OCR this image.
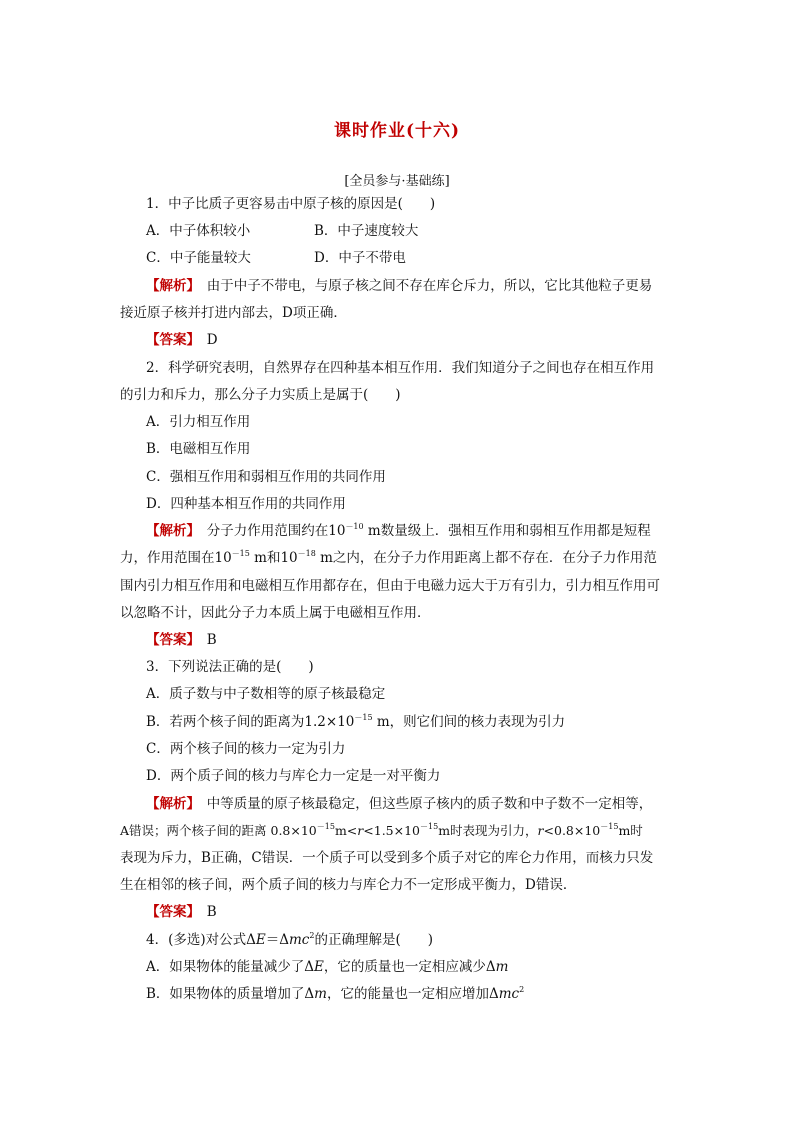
课时作业(十六)
[全员参与·基础练]
1．中子比质子更容易击中原子核的原因是(　　)
A．中子体积较小	B．中子速度较大
C．中子能量较大	D．中子不带电
【解析】　 由于中子不带电，与原子核之间不存在库仑斥力，所以，它比其他粒子更易
接近原子核并打进内部去，D项正确．
【答案】　 D
2．科学研究表明，自然界存在四种基本相互作用．我们知道分子之间也存在相互作用
的引力和斥力，那么分子力实质上是属于(　　)
A．引力相互作用
B．电磁相互作用
C．强相互作用和弱相互作用的共同作用
D．四种基本相互作用的共同作用
【解析】　 分子力作用范围约在$10^{-10}$ m数量级上．强相互作用和弱相互作用都是短程
力，作用范围在$10^{-15}$ m和$10^{-18}$ m之内，在分子力作用距离上都不存在．在分子力作用范
围内引力相互作用和电磁相互作用都存在，但由于电磁力远大于万有引力，引力相互作用可
以忽略不计，因此分子力本质上属于电磁相互作用．
【答案】　 B
3．下列说法正确的是(　　)
A．质子数与中子数相等的原子核最稳定
B．若两个核子间的距离为$1.2\times 10^{-15}$ m，则它们间的核力表现为引力
C．两个核子间的核力一定为引力
D．两个质子间的核力与库仑力一定是一对平衡力
【解析】　 中等质量的原子核最稳定，但这些原子核内的质子数和中子数不一定相等，
A错误；两个核子间的距离 $0.8\times 10^{-15}m<r<1.5\times 10^{-15}m$时表现为引力，$r<0.8\times 10^{-15}m$时
表现为斥力，B正确，C错误．一个质子可以受到多个质子对它的库仑力作用，而核力只发
生在相邻的核子间，两个质子间的核力与库仑力不一定形成平衡力，D错误．
【答案】　 B
4．(多选)对公式ΔE＝Δmc$^2$的正确理解是(　　)
A．如果物体的能量减少了ΔE，它的质量也一定相应减少Δm
B．如果物体的质量增加了Δm，它的能量也一定相应增加Δmc$^2$
